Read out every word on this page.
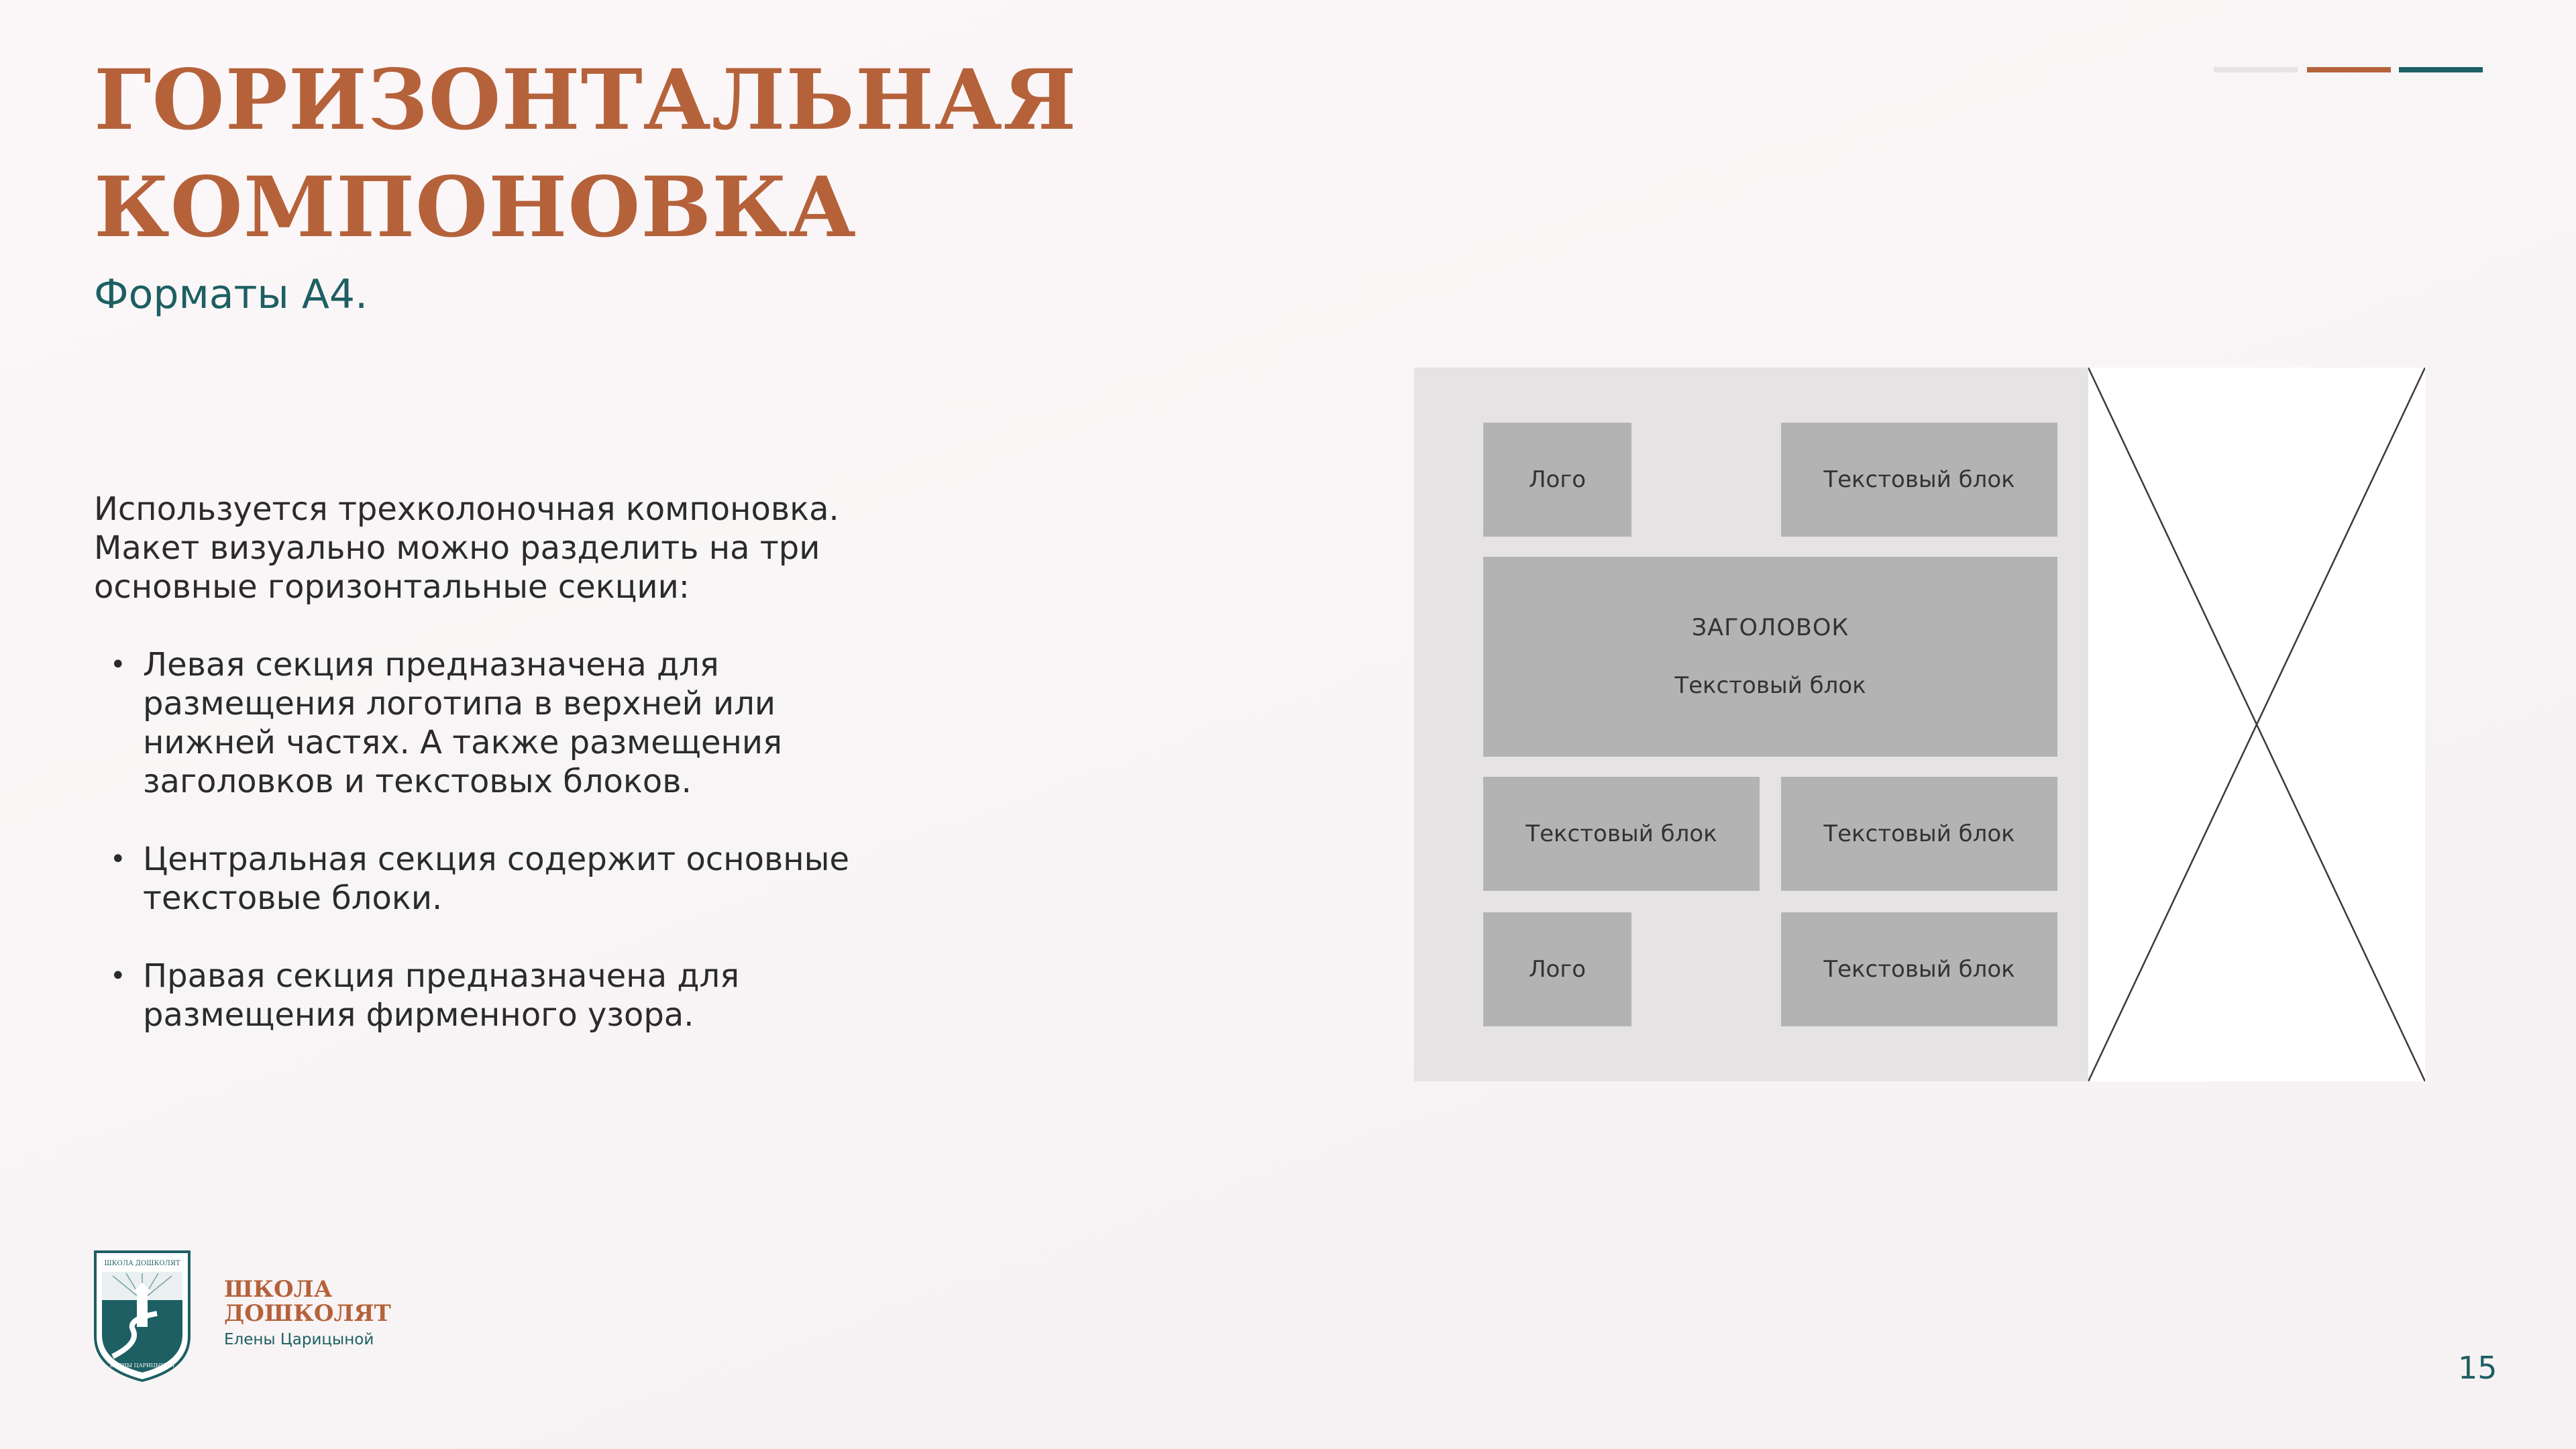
ГОРИЗОНТАЛЬНАЯ
КОМПОНОВКА

Форматы А4.

Используется трехколоночная компоновка. Макет визуально можно разделить на три основные горизонтальные секции:

• Левая секция предназначена для размещения логотипа в верхней или нижней частях. А также размещения заголовков и текстовых блоков.
• Центральная секция содержит основные текстовые блоки.
• Правая секция предназначена для размещения фирменного узора.
Лого	Текстовый блок
ЗАГОЛОВОК
Текстовый блок
Текстовый блок	Текстовый блок
Лого	Текстовый блок
ШКОЛА ДОШКОЛЯТ
ЕЛЕНЫ ЦАРИЦЫНОЙ

ШКОЛА
ДОШКОЛЯТ

Елены Царицыной

15
